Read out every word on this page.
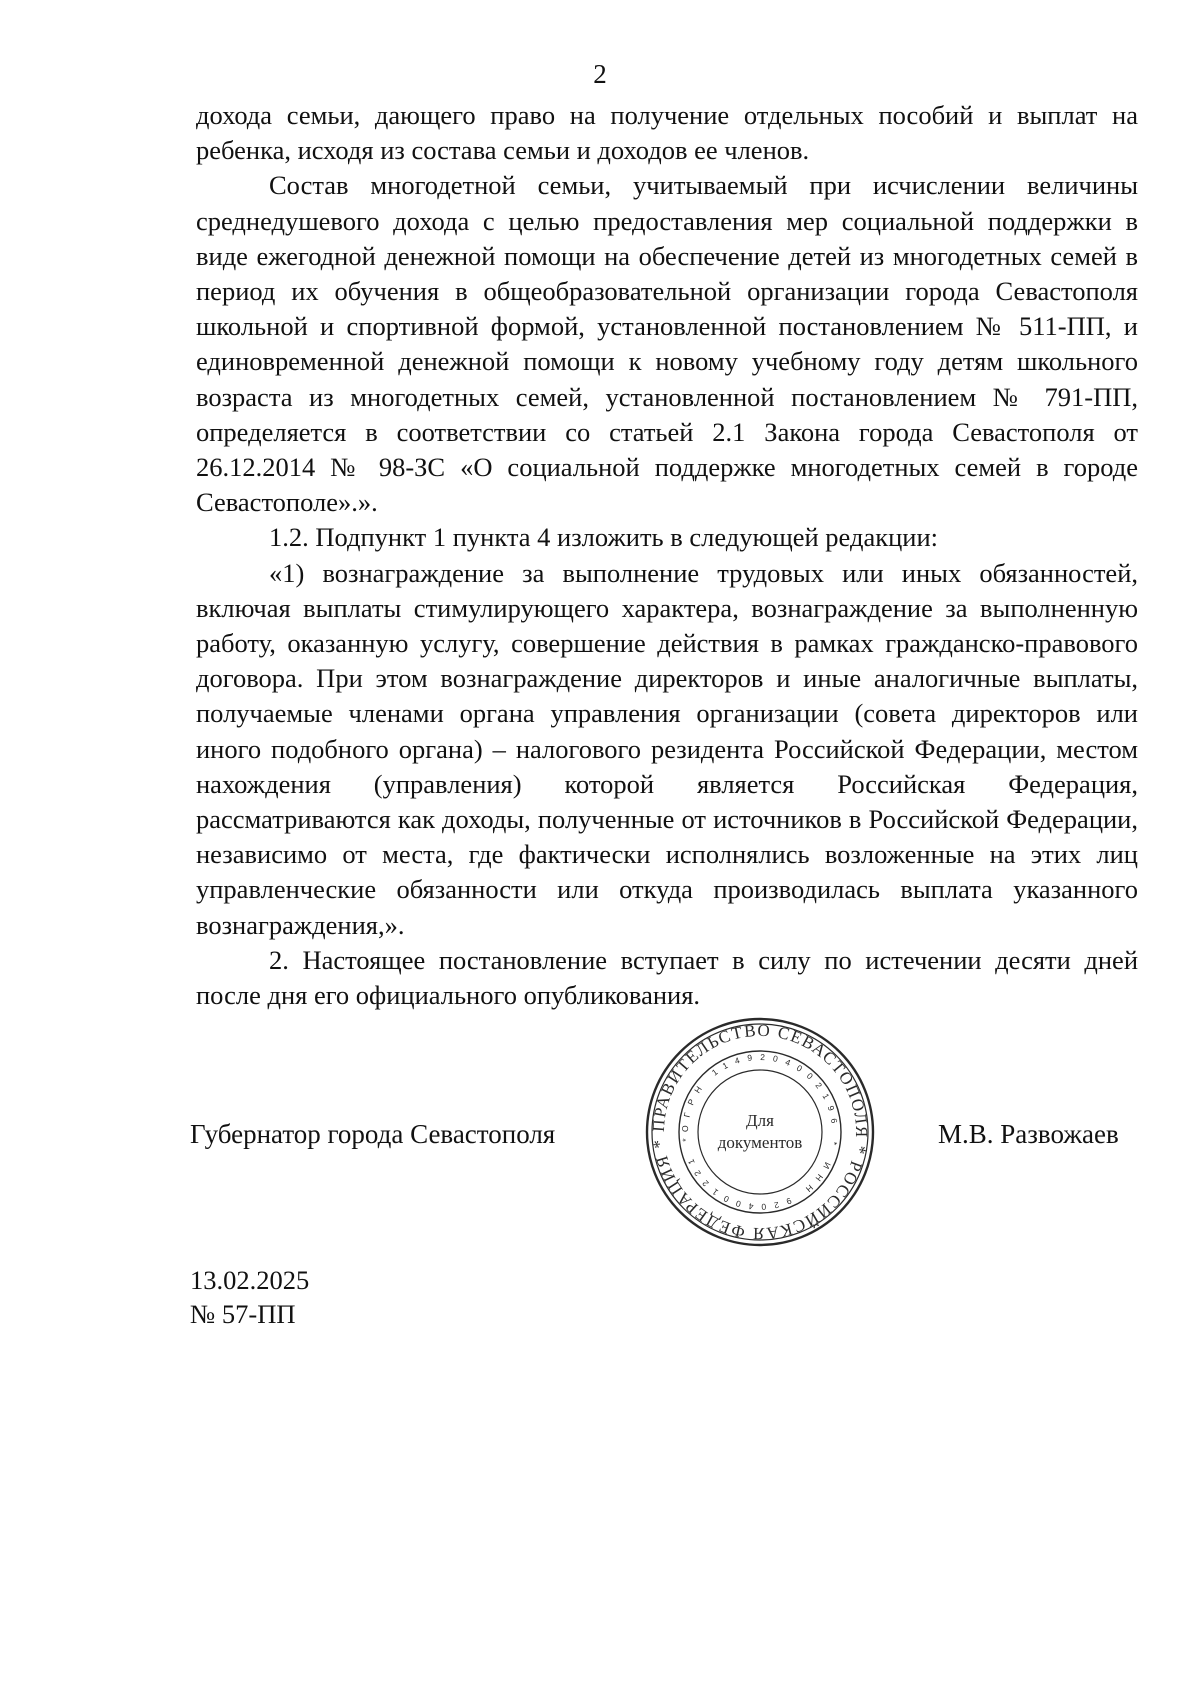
2

дохода семьи, дающего право на получение отдельных пособий и выплат на ребенка, исходя из состава семьи и доходов ее членов.

Состав многодетной семьи, учитываемый при исчислении величины среднедушевого дохода с целью предоставления мер социальной поддержки в виде ежегодной денежной помощи на обеспечение детей из многодетных семей в период их обучения в общеобразовательной организации города Севастополя школьной и спортивной формой, установленной постановлением № 511-ПП, и единовременной денежной помощи к новому учебному году детям школьного возраста из многодетных семей, установленной постановлением № 791-ПП, определяется в соответствии со статьей 2.1 Закона города Севастополя от 26.12.2014 № 98-ЗС «О социальной поддержке многодетных семей в городе Севастополе».».

1.2. Подпункт 1 пункта 4 изложить в следующей редакции:

«1) вознаграждение за выполнение трудовых или иных обязанностей, включая выплаты стимулирующего характера, вознаграждение за выполненную работу, оказанную услугу, совершение действия в рамках гражданско-правового договора. При этом вознаграждение директоров и иные аналогичные выплаты, получаемые членами органа управления организации (совета директоров или иного подобного органа) – налогового резидента Российской Федерации, местом нахождения (управления) которой является Российская Федерация, рассматриваются как доходы, полученные от источников в Российской Федерации, независимо от места, где фактически исполнялись возложенные на этих лиц управленческие обязанности или откуда производилась выплата указанного вознаграждения,».

2. Настоящее постановление вступает в силу по истечении десяти дней после дня его официального опубликования.

Губернатор города Севастополя	ПРАВИТЕЛЬСТВО СЕВАСТОПОЛЯ * РОССИЙСКАЯ ФЕДЕРАЦИЯ *
ОГРН 1149204002196 * ИНН 9204001221 *
Для
документов	М.В. Развожаев
13.02.2025
№ 57-ПП
